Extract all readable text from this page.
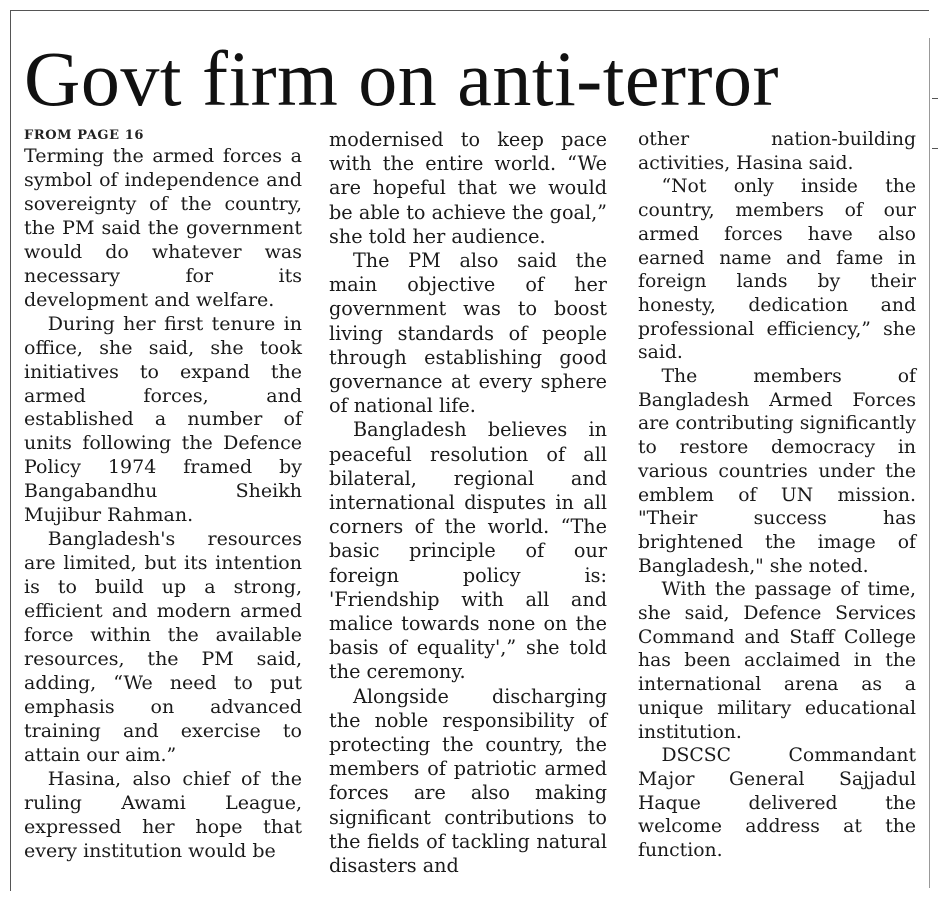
Govt firm on anti-terror
FROM PAGE 16

Terming the armed forces a symbol of independence and sovereignty of the country, the PM said the government would do whatever was necessary for its development and welfare.

During her first tenure in office, she said, she took initiatives to expand the armed forces, and established a number of units following the Defence Policy 1974 framed by Bangabandhu Sheikh Mujibur Rahman.

Bangladesh's resources are limited, but its intention is to build up a strong, efficient and modern armed force within the available resources, the PM said, adding, “We need to put emphasis on advanced training and exercise to attain our aim.”

Hasina, also chief of the ruling Awami League, expressed her hope that every institution would be

modernised to keep pace with the entire world. “We are hopeful that we would be able to achieve the goal,” she told her audience.

The PM also said the main objective of her government was to boost living standards of people through establishing good governance at every sphere of national life.

Bangladesh believes in peaceful resolution of all bilateral, regional and international disputes in all corners of the world. “The basic principle of our foreign policy is: 'Friendship with all and malice towards none on the basis of equality',” she told the ceremony.

Alongside discharging the noble responsibility of protecting the country, the members of patriotic armed forces are also making significant contributions to the fields of tackling natural disasters and

other nation-building activities, Hasina said.

“Not only inside the country, members of our armed forces have also earned name and fame in foreign lands by their honesty, dedication and professional efficiency,” she said.

The members of Bangladesh Armed Forces are contributing significantly to restore democracy in various countries under the emblem of UN mission. "Their success has brightened the image of Bangladesh," she noted.

With the passage of time, she said, Defence Services Command and Staff College has been acclaimed in the international arena as a unique military educational institution.

DSCSC Commandant Major General Sajjadul Haque delivered the welcome address at the function.
